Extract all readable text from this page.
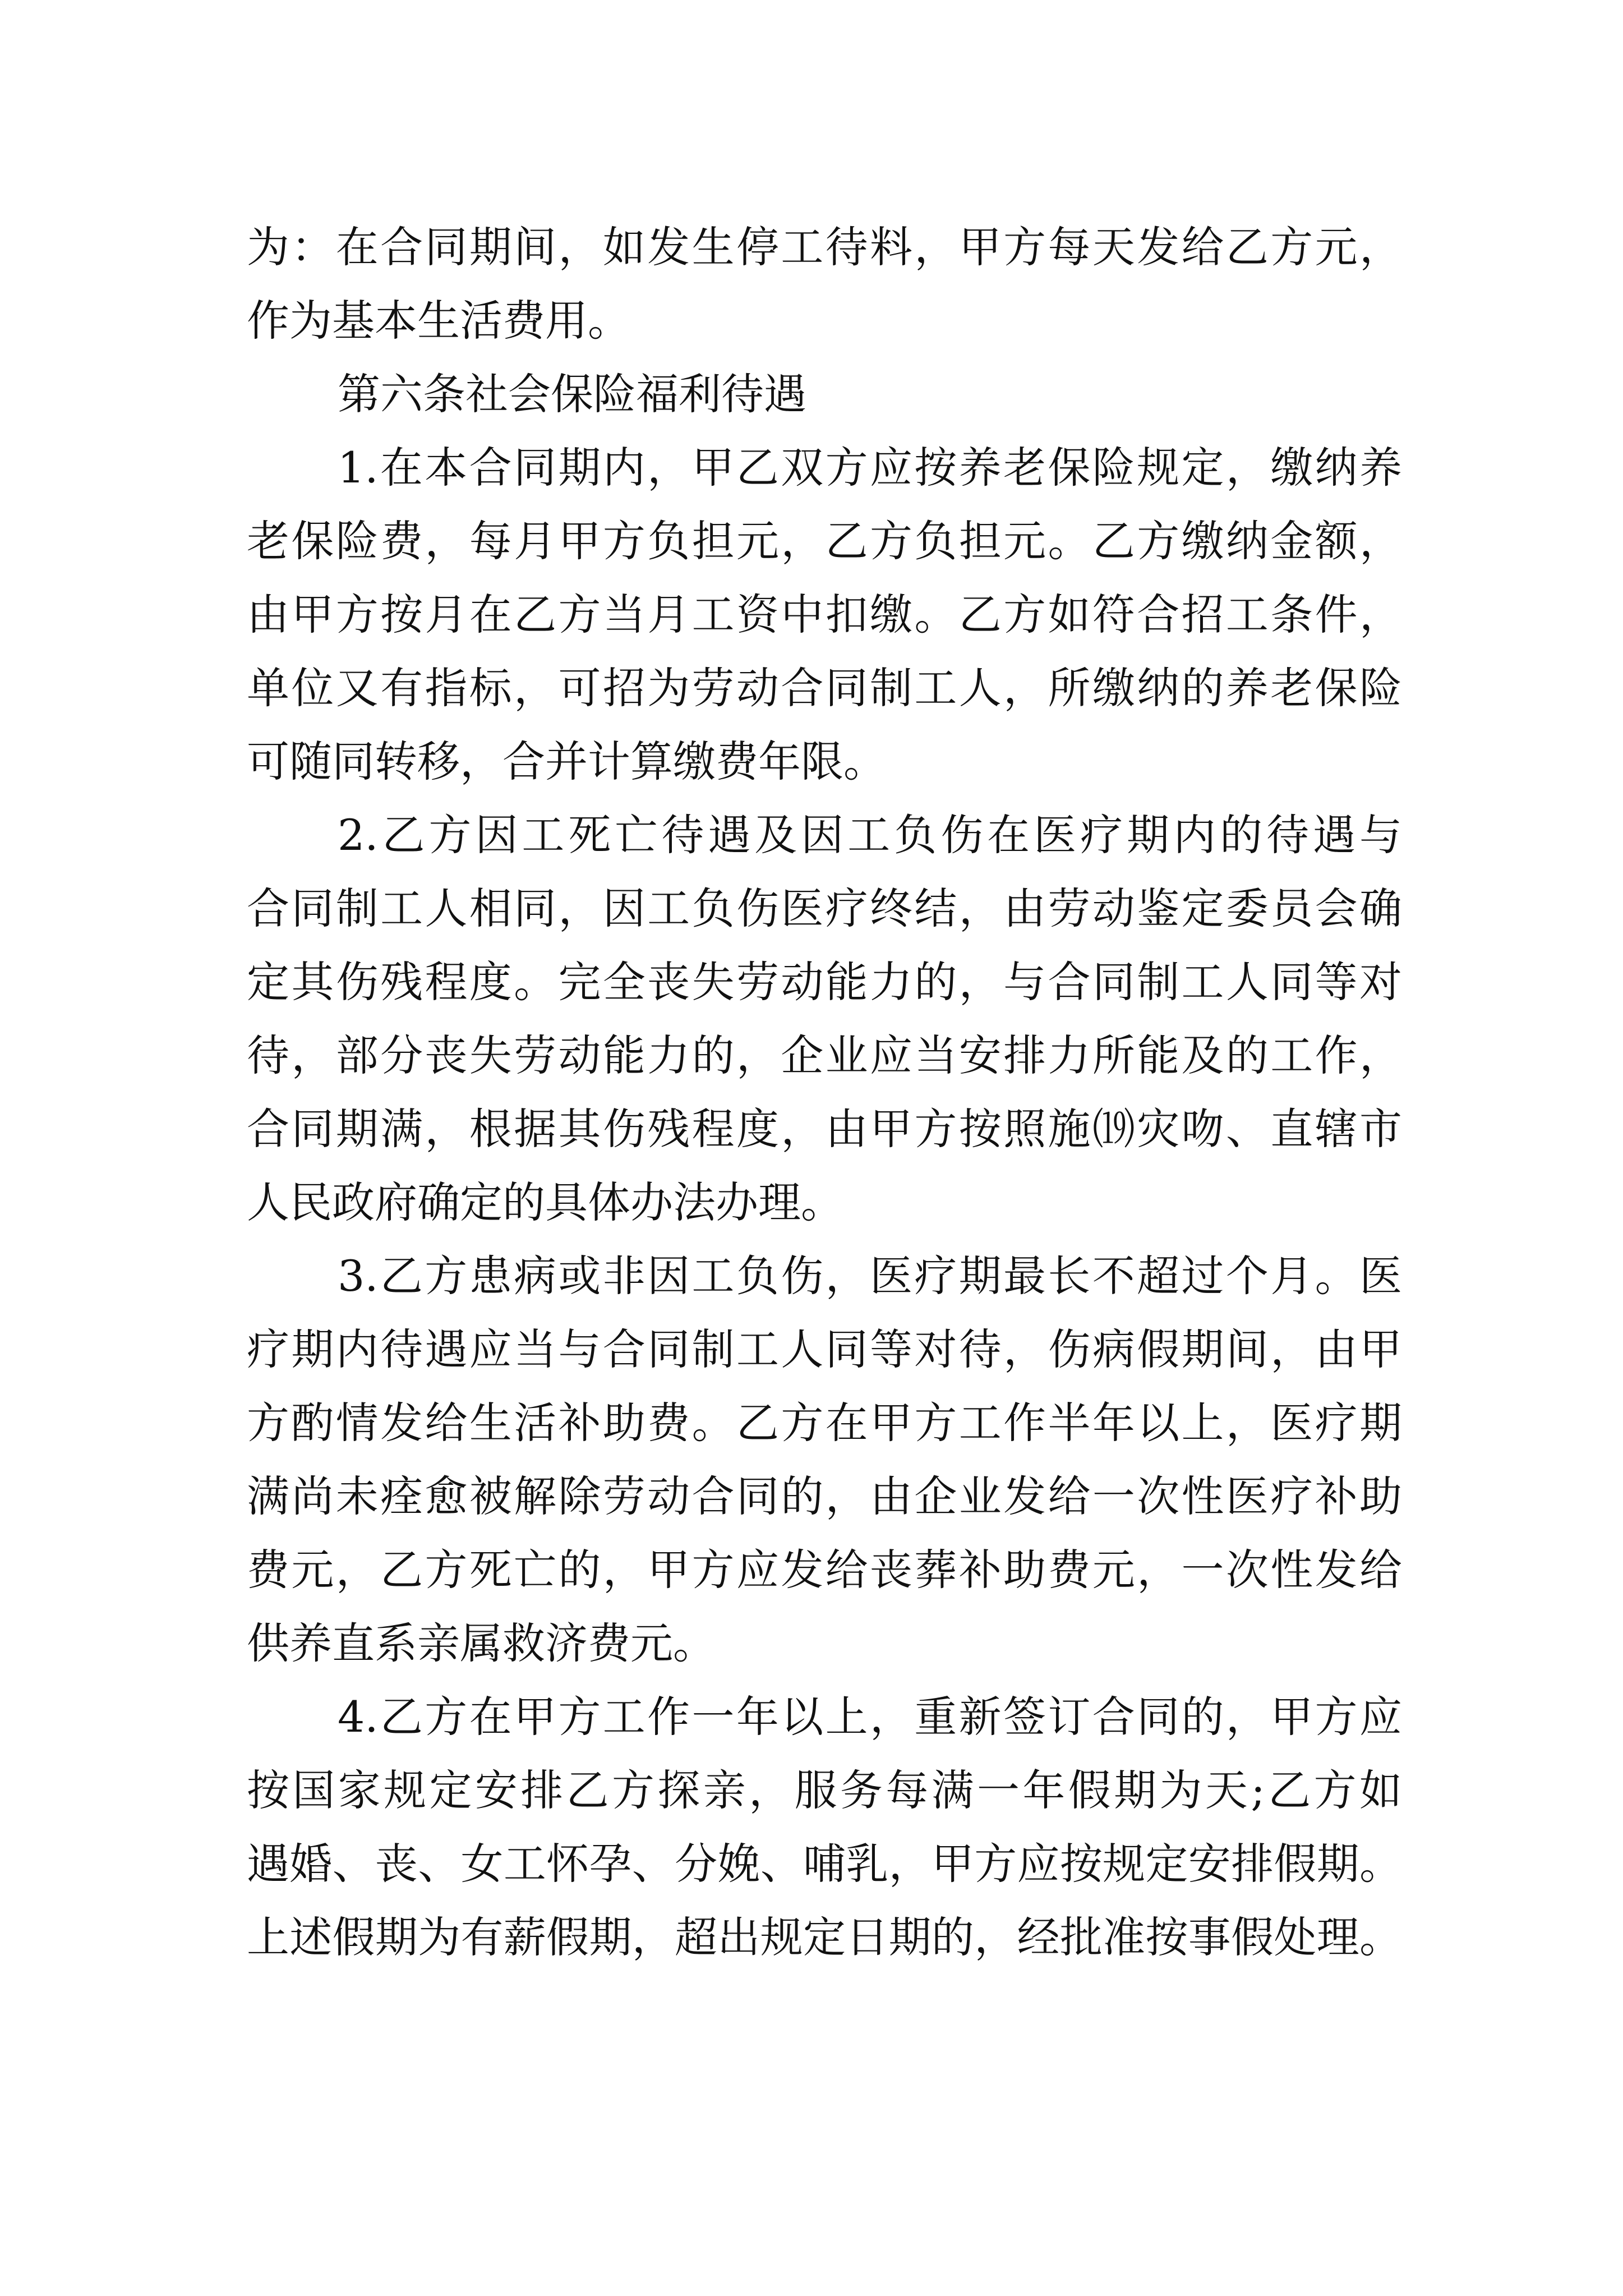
为：在合同期间，如发生停工待料，甲方每天发给乙方元，
作为基本生活费用。
第六条社会保险福利待遇
1.在本合同期内，甲乙双方应按养老保险规定，缴纳养
老保险费，每月甲方负担元，乙方负担元。乙方缴纳金额，
由甲方按月在乙方当月工资中扣缴。乙方如符合招工条件，
单位又有指标，可招为劳动合同制工人，所缴纳的养老保险
可随同转移，合并计算缴费年限。
2.乙方因工死亡待遇及因工负伤在医疗期内的待遇与
合同制工人相同，因工负伤医疗终结，由劳动鉴定委员会确
定其伤残程度。完全丧失劳动能力的，与合同制工人同等对
待，部分丧失劳动能力的，企业应当安排力所能及的工作，
合同期满，根据其伤残程度，由甲方按照施⒆灾吻、直辖市
人民政府确定的具体办法办理。
3.乙方患病或非因工负伤，医疗期最长不超过个月。医
疗期内待遇应当与合同制工人同等对待，伤病假期间，由甲
方酌情发给生活补助费。乙方在甲方工作半年以上，医疗期
满尚未痊愈被解除劳动合同的，由企业发给一次性医疗补助
费元，乙方死亡的，甲方应发给丧葬补助费元，一次性发给
供养直系亲属救济费元。
4.乙方在甲方工作一年以上，重新签订合同的，甲方应
按国家规定安排乙方探亲，服务每满一年假期为天;乙方如
遇婚、丧、女工怀孕、分娩、哺乳，甲方应按规定安排假期。
上述假期为有薪假期，超出规定日期的，经批准按事假处理。
